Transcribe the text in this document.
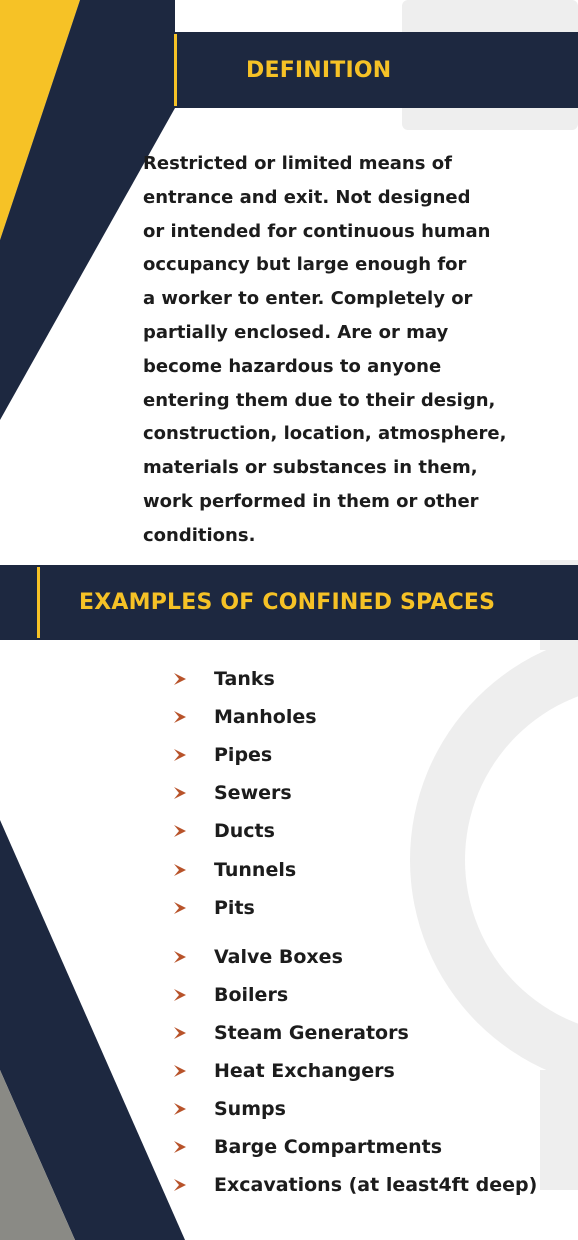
DEFINITION

Restricted or limited means of
entrance and exit. Not designed
or intended for continuous human
occupancy but large enough for
a worker to enter. Completely or
partially enclosed. Are or may
become hazardous to anyone
entering them due to their design,
construction, location, atmosphere,
materials or substances in them,
work performed in them or other
conditions.

EXAMPLES OF CONFINED SPACES
Tanks
Manholes
Pipes
Sewers
Ducts
Tunnels
Pits
Valve Boxes
Boilers
Steam Generators
Heat Exchangers
Sumps
Barge Compartments
Excavations (at least4ft deep)
